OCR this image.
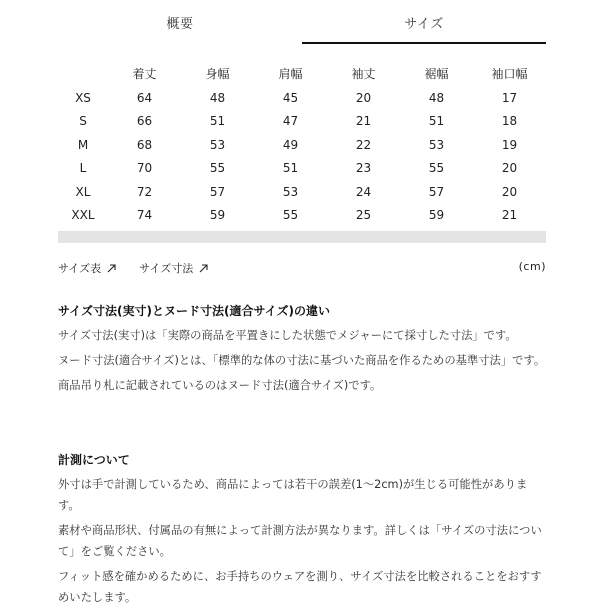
概要	サイズ
	着丈	身幅	肩幅	袖丈	裾幅	袖口幅
XS	64	48	45	20	48	17
S	66	51	47	21	51	18
M	68	53	49	22	53	19
L	70	55	51	23	55	20
XL	72	57	53	24	57	20
XXL	74	59	55	25	59	21
サイズ表	サイズ寸法	(cm)
サイズ寸法(実寸)とヌード寸法(適合サイズ)の違い

サイズ寸法(実寸)は「実際の商品を平置きにした状態でメジャーにて採寸した寸法」です。

ヌード寸法(適合サイズ)とは、「標準的な体の寸法に基づいた商品を作るための基準寸法」です。

商品吊り札に記載されているのはヌード寸法(適合サイズ)です。

計測について

外寸は手で計測しているため、商品によっては若干の誤差(1〜2cm)が生じる可能性があります。

素材や商品形状、付属品の有無によって計測方法が異なります。詳しくは「サイズの寸法について」をご覧ください。

フィット感を確かめるために、お手持ちのウェアを測り、サイズ寸法を比較されることをおすすめいたします。
